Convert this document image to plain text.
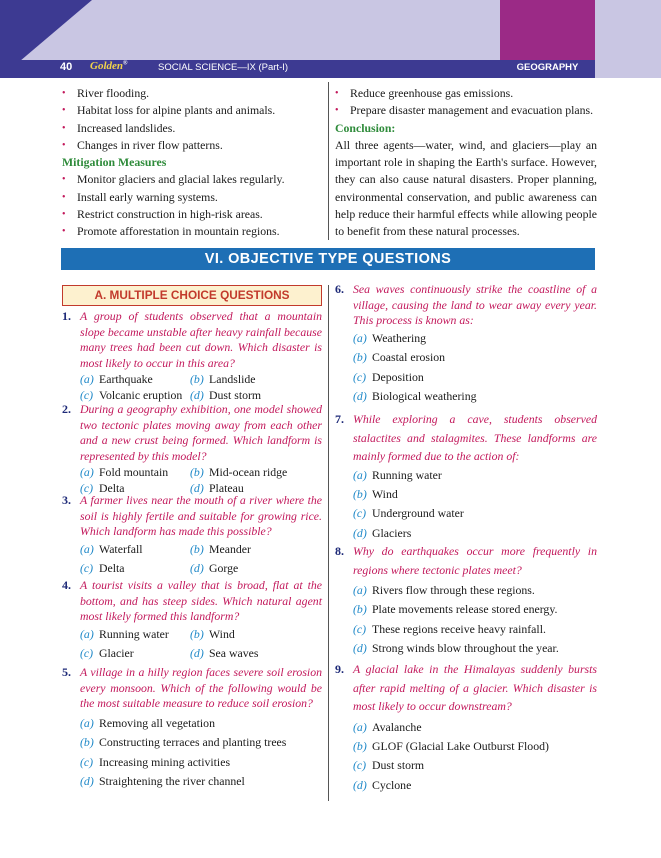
40 Golden®	SOCIAL SCIENCE—IX (Part-I)	GEOGRAPHY
• River flooding.
• Habitat loss for alpine plants and animals.
• Increased landslides.
• Changes in river flow patterns.
Mitigation Measures
• Monitor glaciers and glacial lakes regularly.
• Install early warning systems.
• Restrict construction in high-risk areas.
• Promote afforestation in mountain regions.
• Reduce greenhouse gas emissions.
• Prepare disaster management and evacuation plans.
Conclusion:
All three agents—water, wind, and glaciers—play an important role in shaping the Earth's surface. However, they can also cause natural disasters. Proper planning, environmental conservation, and public awareness can help reduce their harmful effects while allowing people to benefit from these natural processes.
VI. OBJECTIVE TYPE QUESTIONS
A. MULTIPLE CHOICE QUESTIONS
1. A group of students observed that a mountain slope became unstable after heavy rainfall because many trees had been cut down. Which disaster is most likely to occur in this area?
(a) Earthquake	(b) Landslide
(c) Volcanic eruption (d) Dust storm
2. During a geography exhibition, one model showed two tectonic plates moving away from each other and a new crust being formed. Which landform is represented by this model?
(a) Fold mountain (b) Mid-ocean ridge
(c) Delta	(d) Plateau
3. A farmer lives near the mouth of a river where the soil is highly fertile and suitable for growing rice. Which landform has made this possible?
(a) Waterfall	(b) Meander
(c) Delta	(d) Gorge
4. A tourist visits a valley that is broad, flat at the bottom, and has steep sides. Which natural agent most likely formed this landform?
(a) Running water (b) Wind
(c) Glacier	(d) Sea waves
5. A village in a hilly region faces severe soil erosion every monsoon. Which of the following would be the most suitable measure to reduce soil erosion?
(a) Removing all vegetation
(b) Constructing terraces and planting trees
(c) Increasing mining activities
(d) Straightening the river channel
6. Sea waves continuously strike the coastline of a village, causing the land to wear away every year. This process is known as:
(a) Weathering
(b) Coastal erosion
(c) Deposition
(d) Biological weathering
7. While exploring a cave, students observed stalactites and stalagmites. These landforms are mainly formed due to the action of:
(a) Running water
(b) Wind
(c) Underground water
(d) Glaciers
8. Why do earthquakes occur more frequently in regions where tectonic plates meet?
(a) Rivers flow through these regions.
(b) Plate movements release stored energy.
(c) These regions receive heavy rainfall.
(d) Strong winds blow throughout the year.
9. A glacial lake in the Himalayas suddenly bursts after rapid melting of a glacier. Which disaster is most likely to occur downstream?
(a) Avalanche
(b) GLOF (Glacial Lake Outburst Flood)
(c) Dust storm
(d) Cyclone
